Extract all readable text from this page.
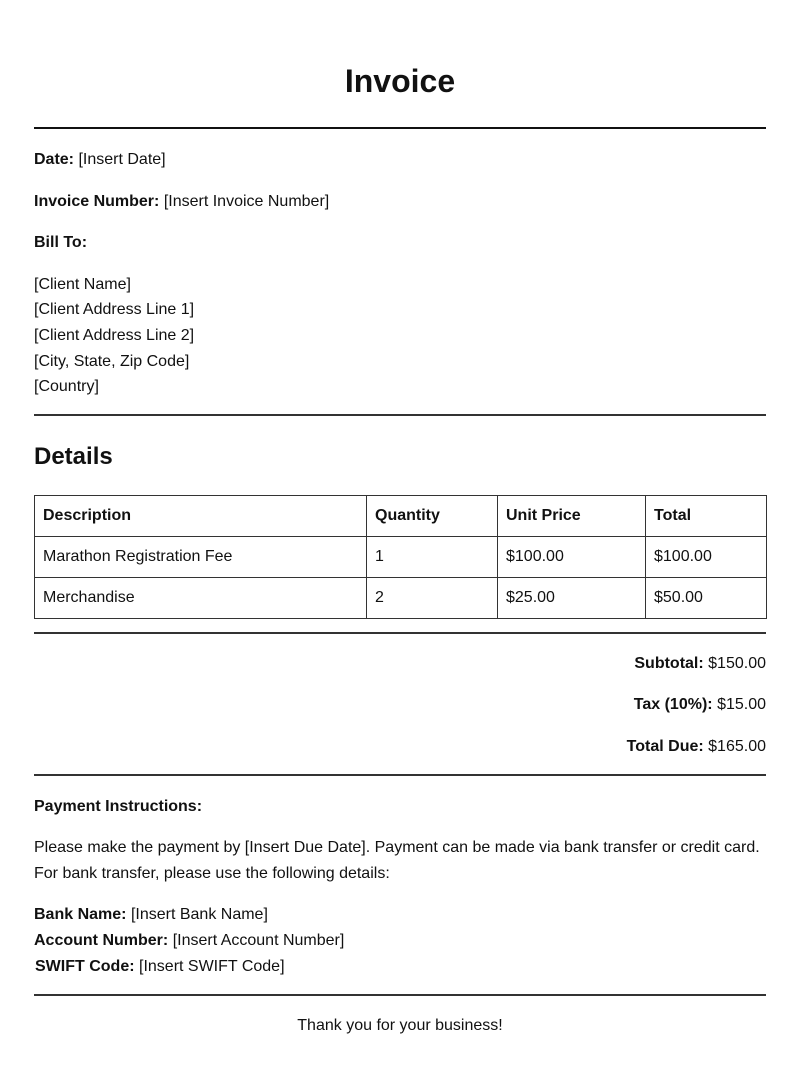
Invoice
Date: [Insert Date]
Invoice Number: [Insert Invoice Number]
Bill To:
[Client Name]
[Client Address Line 1]
[Client Address Line 2]
[City, State, Zip Code]
[Country]
Details
Description	Quantity	Unit Price	Total
Marathon Registration Fee	1	$100.00	$100.00
Merchandise	2	$25.00	$50.00
Subtotal: $150.00
Tax (10%): $15.00
Total Due: $165.00
Payment Instructions:
Please make the payment by [Insert Due Date]. Payment can be made via bank transfer or credit card.
For bank transfer, please use the following details:
Bank Name: [Insert Bank Name]
Account Number: [Insert Account Number]
SWIFT Code: [Insert SWIFT Code]
Thank you for your business!
